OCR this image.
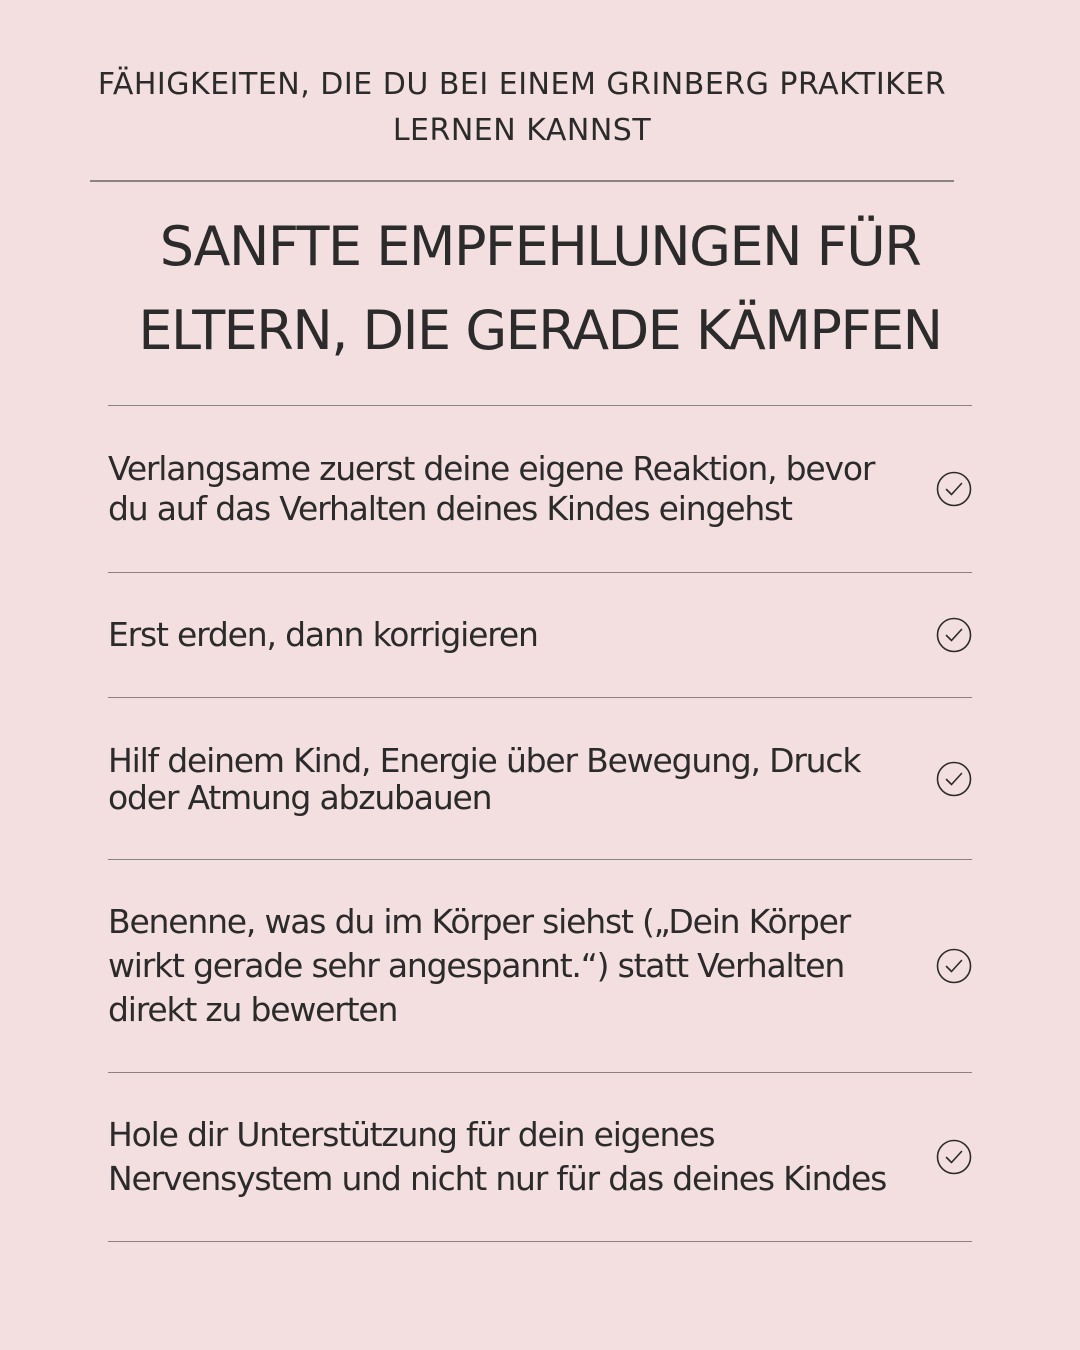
FÄHIGKEITEN, DIE DU BEI EINEM GRINBERG PRAKTIKER
LERNEN KANNST
SANFTE EMPFEHLUNGEN FÜR
ELTERN, DIE GERADE KÄMPFEN
Verlangsame zuerst deine eigene Reaktion, bevor
du auf das Verhalten deines Kindes eingehst
Erst erden, dann korrigieren
Hilf deinem Kind, Energie über Bewegung, Druck
oder Atmung abzubauen
Benenne, was du im Körper siehst („Dein Körper
wirkt gerade sehr angespannt.“) statt Verhalten
direkt zu bewerten
Hole dir Unterstützung für dein eigenes
Nervensystem und nicht nur für das deines Kindes
